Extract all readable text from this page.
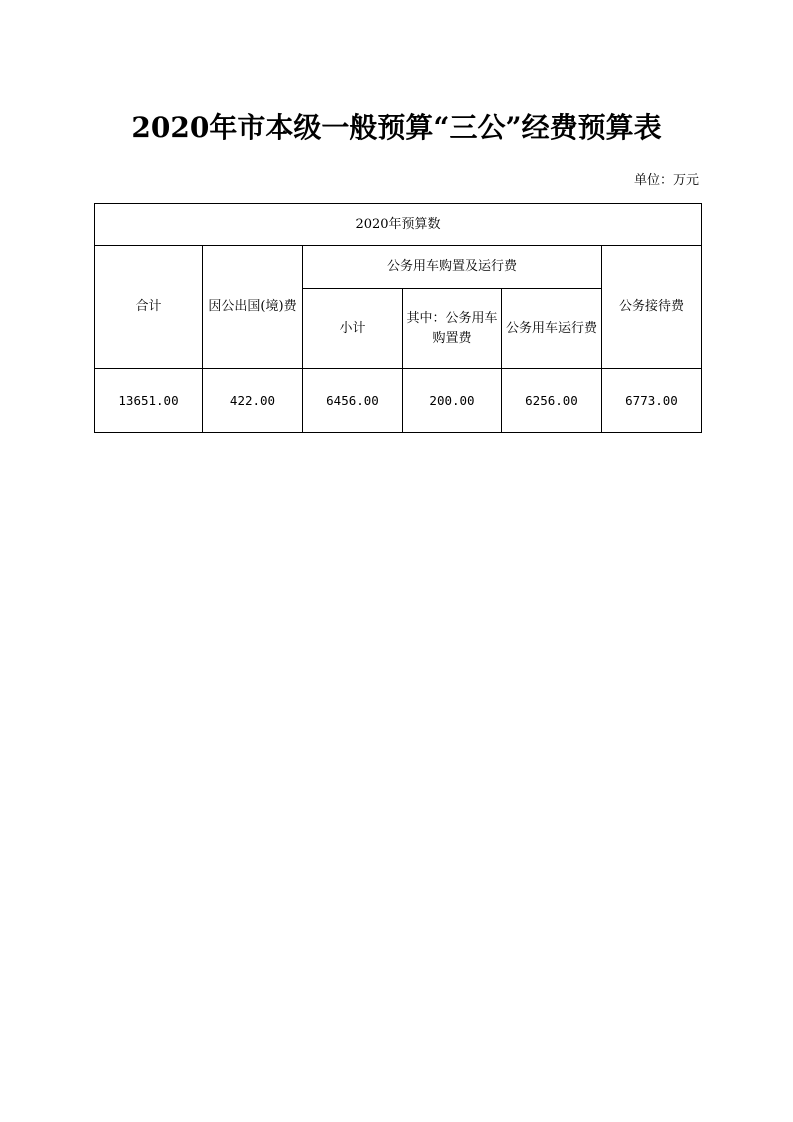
2020年市本级一般预算“三公”经费预算表
单位：万元
2020年预算数					
合计	因公出国(境)费	公务用车购置及运行费			公务接待费
		小计	其中：公务用车购置费	公务用车运行费	
13651.00	422.00	6456.00	200.00	6256.00	6773.00
